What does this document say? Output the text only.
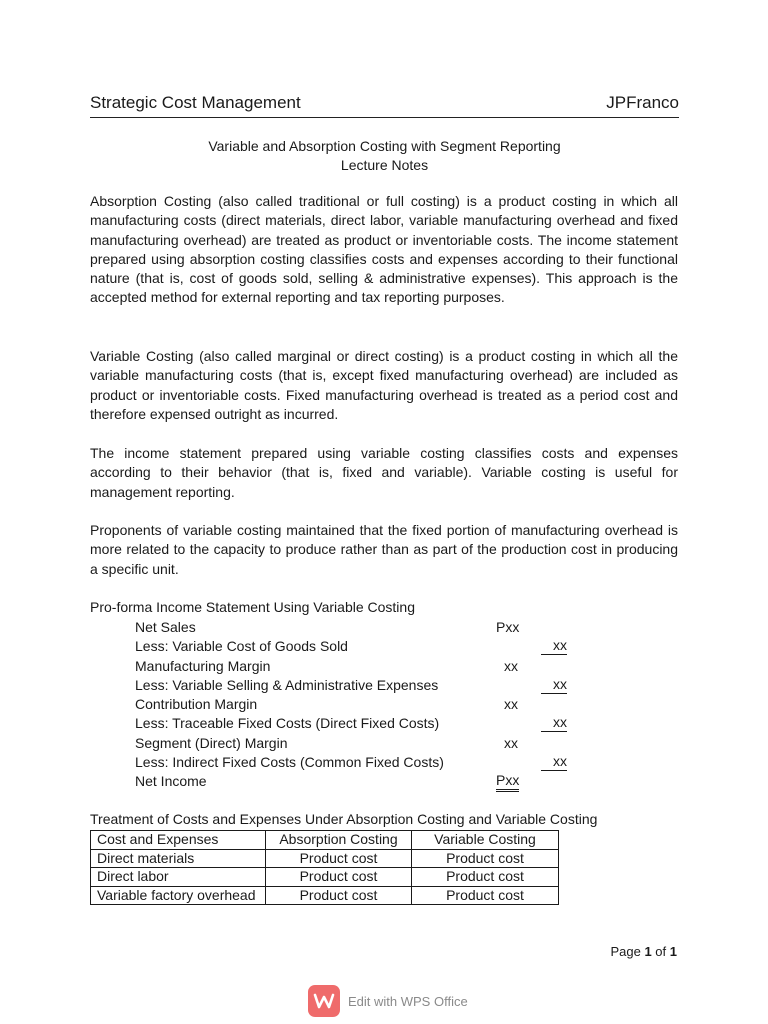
Strategic Cost Management	JPFranco
Variable and Absorption Costing with Segment Reporting
Lecture Notes

Absorption Costing (also called traditional or full costing) is a product costing in which all manufacturing costs (direct materials, direct labor, variable manufacturing overhead and fixed manufacturing overhead) are treated as product or inventoriable costs. The income statement prepared using absorption costing classifies costs and expenses according to their functional nature (that is, cost of goods sold, selling & administrative expenses). This approach is the accepted method for external reporting and tax reporting purposes.

Variable Costing (also called marginal or direct costing) is a product costing in which all the variable manufacturing costs (that is, except fixed manufacturing overhead) are included as product or inventoriable costs. Fixed manufacturing overhead is treated as a period cost and therefore expensed outright as incurred.

The income statement prepared using variable costing classifies costs and expenses according to their behavior (that is, fixed and variable). Variable costing is useful for management reporting.

Proponents of variable costing maintained that the fixed portion of manufacturing overhead is more related to the capacity to produce rather than as part of the production cost in producing a specific unit.

Pro-forma Income Statement Using Variable Costing
Net Sales	Pxx
Less: Variable Cost of Goods Sold	xx
Manufacturing Margin	xx
Less: Variable Selling & Administrative Expenses	xx
Contribution Margin	xx
Less: Traceable Fixed Costs (Direct Fixed Costs)	xx
Segment (Direct) Margin	xx
Less: Indirect Fixed Costs (Common Fixed Costs)	xx
Net Income	Pxx
Treatment of Costs and Expenses Under Absorption Costing and Variable Costing
Cost and Expenses	Absorption Costing	Variable Costing
Direct materials	Product cost	Product cost
Direct labor	Product cost	Product cost
Variable factory overhead	Product cost	Product cost
Page 1 of 1
Edit with WPS Office
